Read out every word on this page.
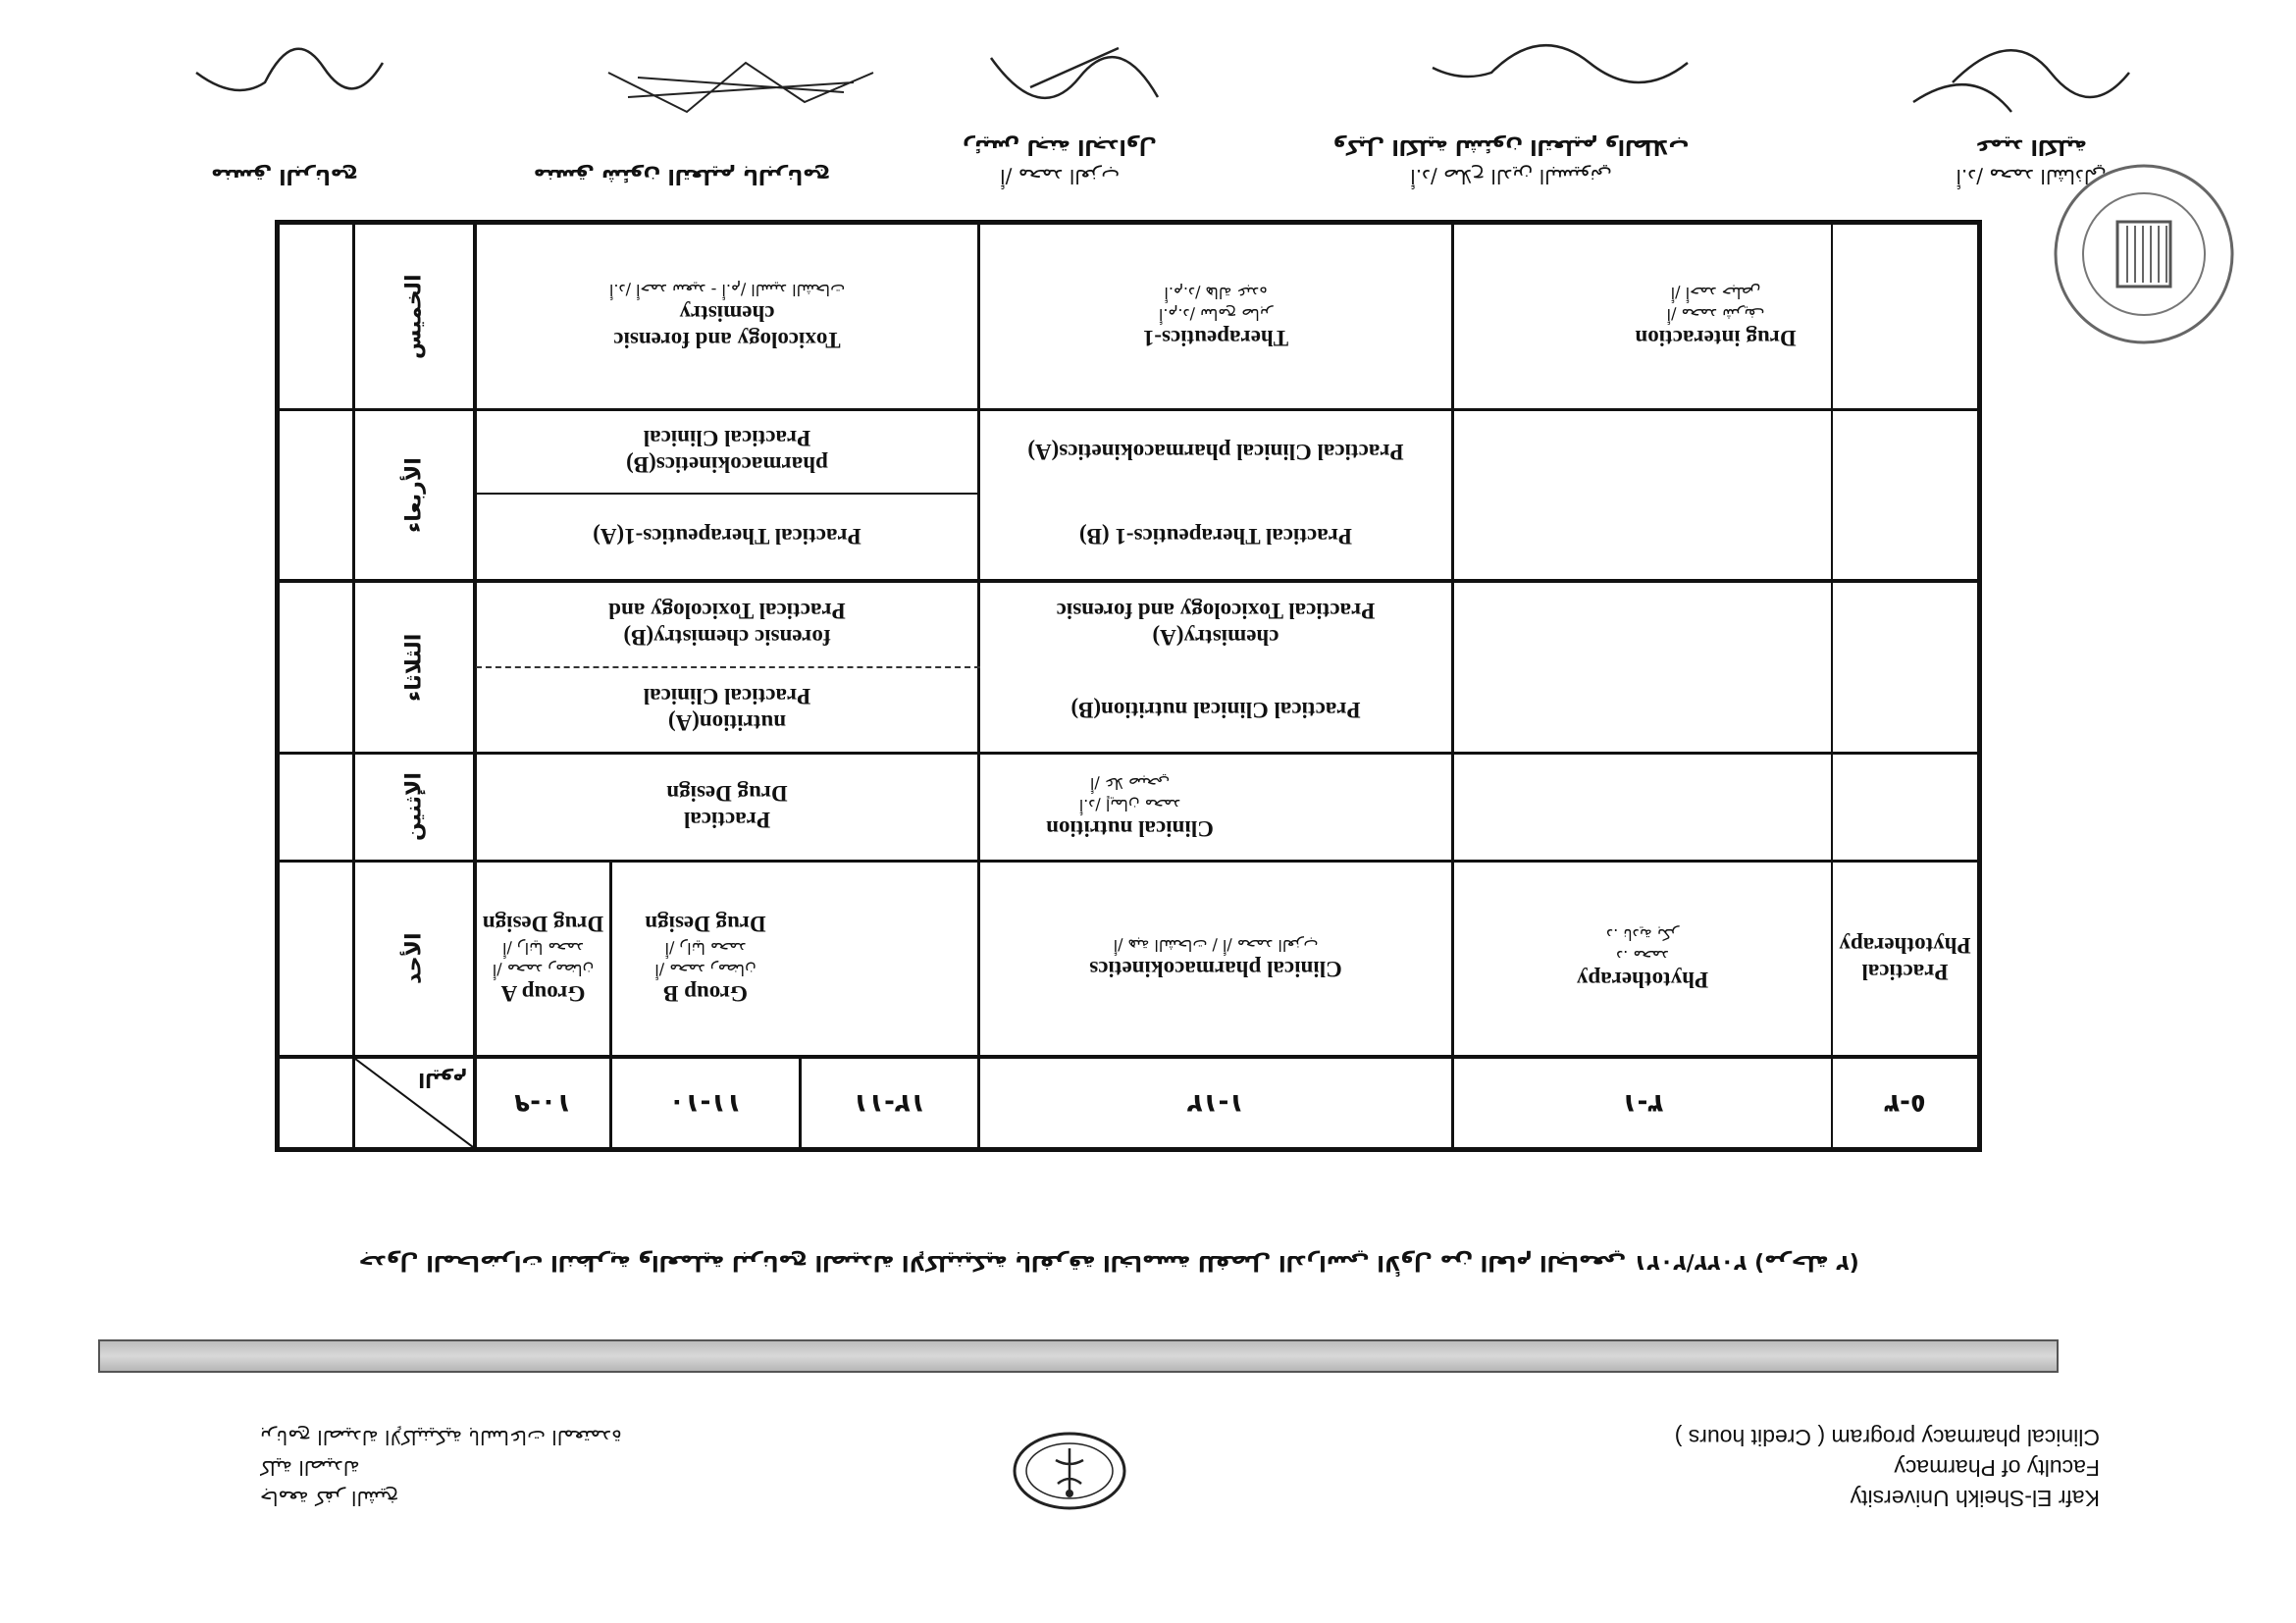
Kafr El-Sheikh University
Faculty of Pharmacy
Clinical pharmacy program ( Credit hours )
جامعة كفر الشيخ
كلية الصيدلة
برنامج الصيدلة الإكلينيكية بالساعات المعتمدة
جدول المحاضرات النظرية والعملية لبرنامج الصيدلة الإكلينيكية بالفرقة الخامسة للفصل الدراسي الأول من العام الجامعي ٢٠٢٢/٢٠٢١ (مرحلة ٢)
٣-٥
١-٣
١٢-١
١١-١٢
١٠-١١
٩-١٠
اليوم
Practical
Phytotherapy
Phytotherapy
د. محمد
د. نادية بكر
Clinical pharmacokinetics
أ/ هبة الشحات / أ/ محمد العزب
Group B
أ/ محمد رمضان
أ/ رانيا محمد
Drug Design
Group A
أ/ محمد رمضان
أ/ رانيا محمد
Drug Design
الأحد
Clinical nutrition
أ.د/ إيمان محمد
أ/ علا صبحي
Practical
Drug Design
الإثنين
Practical Clinical nutrition(B)
chemistry(A)
Practical Toxicology and forensic
nutrition(A)
Practical Clinical
forensic chemistry(B)
Practical Toxicology and
الثلاثاء
Practical Therapeutics-1 (B)
Practical Clinical pharmacokinetics(A)
Practical Therapeutics-1(A)
pharmacokinetics(B)
Practical Clinical
الأربعاء
Drug interaction
أ/ محمد شريف
أ/ أحمد حبلص
Therapeutics-1
أ.م.د/ سامح صابر
أ.م.د/ هالة عبده
Toxicology and forensic
chemistry
أ.د/ أحمد سعيد - أ.م/ السيد الشحات
الخميس
منسق البرنامج	منسق شئون التعليم بالبرنامج	أ/ محمد العزب
رئيس لجنة الجداول
أ.د/ صلاح الدين البسيوني
وكيل الكلية لشئون التعليم والطلاب
أ.د/ محمد الشاذلي
عميد الكلية
